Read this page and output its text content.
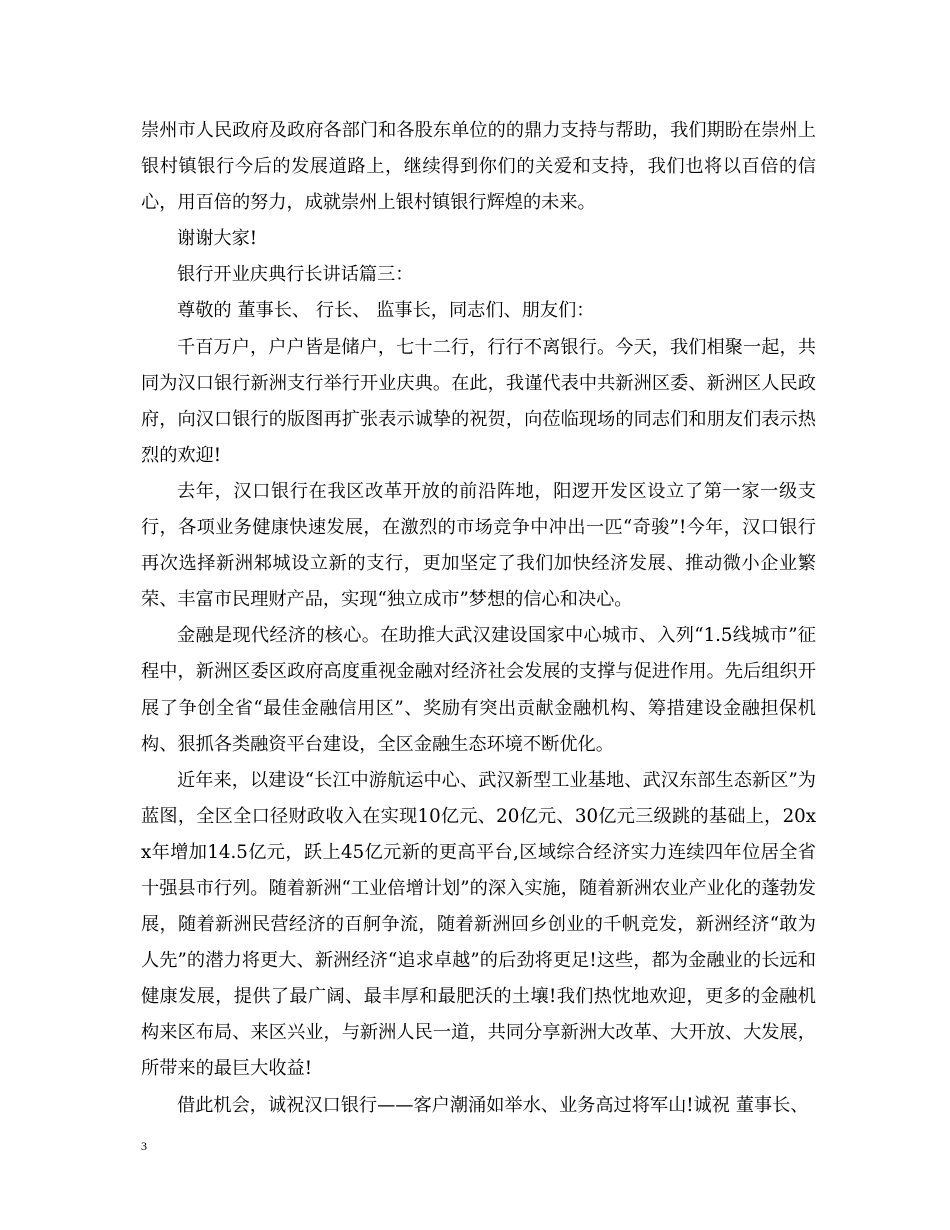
崇州市人民政府及政府各部门和各股东单位的的鼎力支持与帮助，我们期盼在崇州上银村镇银行今后的发展道路上，继续得到你们的关爱和支持，我们也将以百倍的信心，用百倍的努力，成就崇州上银村镇银行辉煌的未来。

谢谢大家!

银行开业庆典行长讲话篇三：

尊敬的 董事长、 行长、 监事长，同志们、朋友们：

千百万户，户户皆是储户，七十二行，行行不离银行。今天，我们相聚一起，共同为汉口银行新洲支行举行开业庆典。在此，我谨代表中共新洲区委、新洲区人民政府，向汉口银行的版图再扩张表示诚挚的祝贺，向莅临现场的同志们和朋友们表示热烈的欢迎!

去年，汉口银行在我区改革开放的前沿阵地，阳逻开发区设立了第一家一级支行，各项业务健康快速发展，在激烈的市场竞争中冲出一匹“奇骏”!今年，汉口银行再次选择新洲邾城设立新的支行，更加坚定了我们加快经济发展、推动微小企业繁荣、丰富市民理财产品，实现“独立成市”梦想的信心和决心。

金融是现代经济的核心。在助推大武汉建设国家中心城市、入列“1.5线城市”征程中，新洲区委区政府高度重视金融对经济社会发展的支撑与促进作用。先后组织开展了争创全省“最佳金融信用区”、奖励有突出贡献金融机构、筹措建设金融担保机构、狠抓各类融资平台建设，全区金融生态环境不断优化。

近年来，以建设“长江中游航运中心、武汉新型工业基地、武汉东部生态新区”为蓝图，全区全口径财政收入在实现10亿元、20亿元、30亿元三级跳的基础上，20xx年增加14.5亿元，跃上45亿元新的更高平台,区域综合经济实力连续四年位居全省十强县市行列。随着新洲“工业倍增计划”的深入实施，随着新洲农业产业化的蓬勃发展，随着新洲民营经济的百舸争流，随着新洲回乡创业的千帆竞发，新洲经济“敢为人先”的潜力将更大、新洲经济“追求卓越”的后劲将更足!这些，都为金融业的长远和健康发展，提供了最广阔、最丰厚和最肥沃的土壤!我们热忱地欢迎，更多的金融机构来区布局、来区兴业，与新洲人民一道，共同分享新洲大改革、大开放、大发展，所带来的最巨大收益!

借此机会，诚祝汉口银行——客户潮涌如举水、业务高过将军山!诚祝 董事长、

3
